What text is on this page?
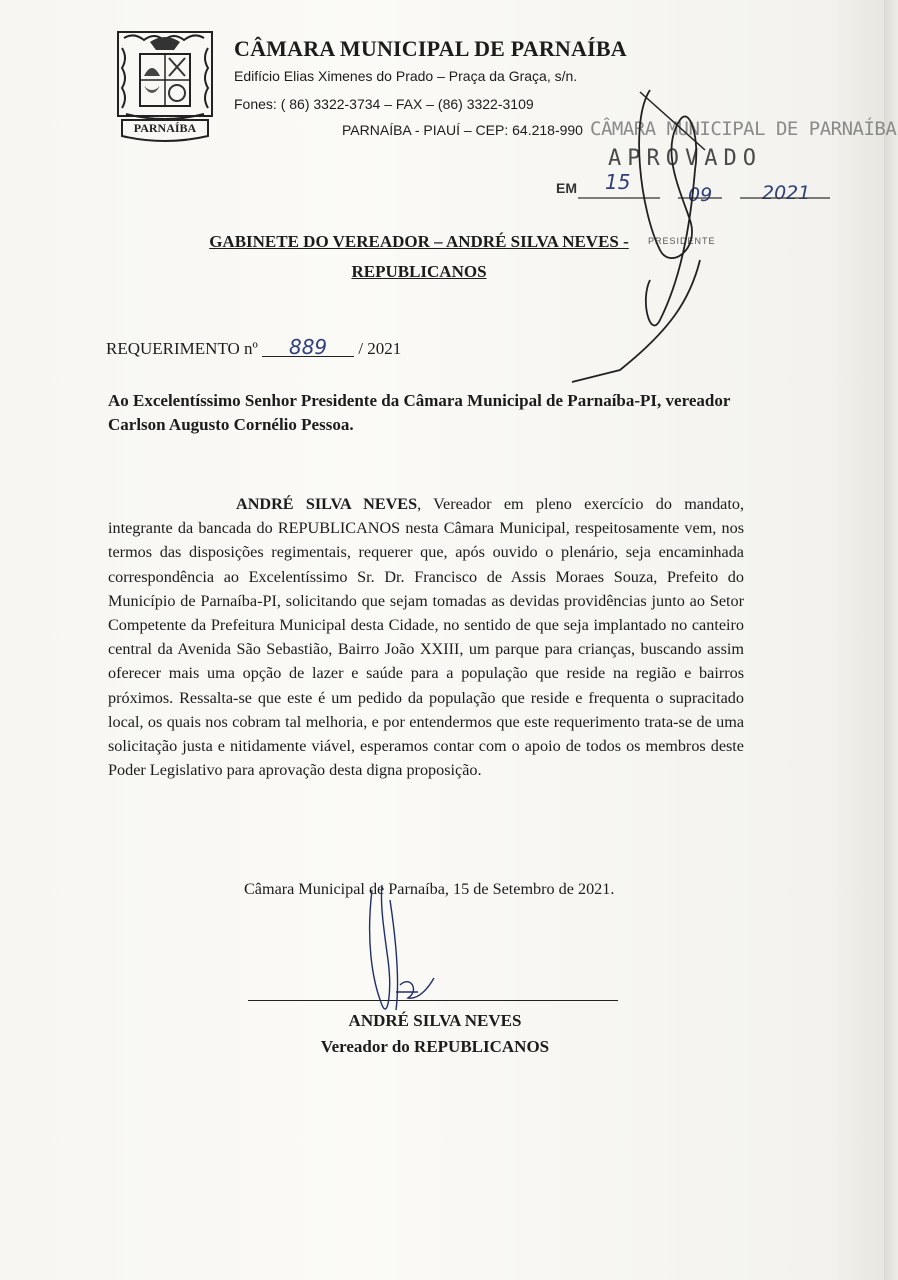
PARNAÍBA
CÂMARA MUNICIPAL DE PARNAÍBA
Edifício Elias Ximenes do Prado – Praça da Graça, s/n.
Fones: ( 86) 3322-3734 – FAX – (86) 3322-3109
PARNAÍBA - PIAUÍ – CEP: 64.218-990 CÂMARA MUNICIPAL DE PARNAÍBA
APROVADO
EM 15
09	2021
PRESIDENTE
GABINETE DO VEREADOR – ANDRÉ SILVA NEVES -
REPUBLICANOS
REQUERIMENTO nº 889 / 2021
Ao Excelentíssimo Senhor Presidente da Câmara Municipal de Parnaíba-PI, vereador Carlson Augusto Cornélio Pessoa.
ANDRÉ SILVA NEVES, Vereador em pleno exercício do mandato, integrante da bancada do REPUBLICANOS nesta Câmara Municipal, respeitosamente vem, nos termos das disposições regimentais, requerer que, após ouvido o plenário, seja encaminhada correspondência ao Excelentíssimo Sr. Dr. Francisco de Assis Moraes Souza, Prefeito do Município de Parnaíba-PI, solicitando que sejam tomadas as devidas providências junto ao Setor Competente da Prefeitura Municipal desta Cidade, no sentido de que seja implantado no canteiro central da Avenida São Sebastião, Bairro João XXIII, um parque para crianças, buscando assim oferecer mais uma opção de lazer e saúde para a população que reside na região e bairros próximos. Ressalta-se que este é um pedido da população que reside e frequenta o supracitado local, os quais nos cobram tal melhoria, e por entendermos que este requerimento trata-se de uma solicitação justa e nitidamente viável, esperamos contar com o apoio de todos os membros deste Poder Legislativo para aprovação desta digna proposição.
Câmara Municipal de Parnaíba, 15 de Setembro de 2021.
ANDRÉ SILVA NEVES
Vereador do REPUBLICANOS
